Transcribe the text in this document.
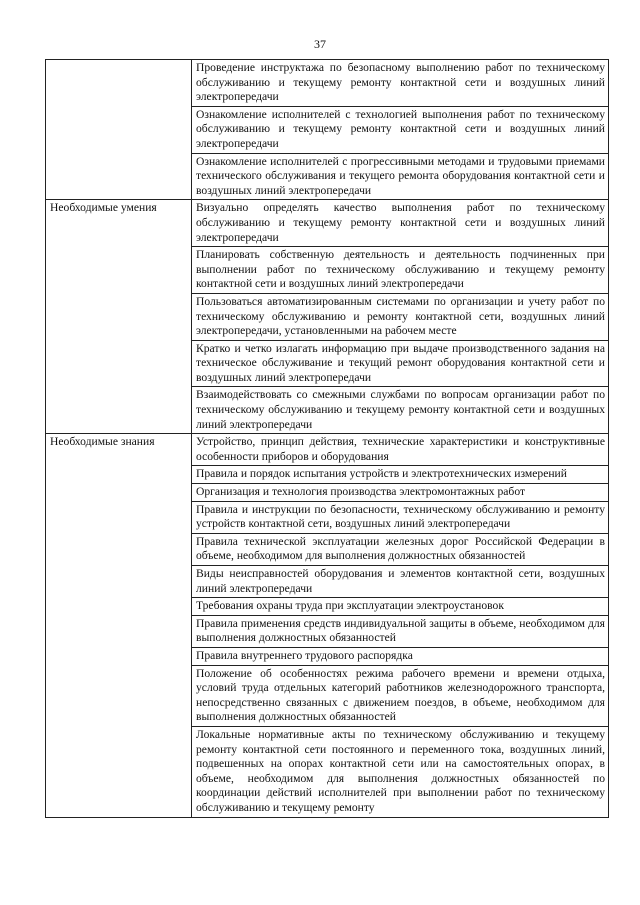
37
	Проведение инструктажа по безопасному выполнению работ по техническому обслуживанию и текущему ремонту контактной сети и воздушных линий электропередачи
	Ознакомление исполнителей с технологией выполнения работ по техническому обслуживанию и текущему ремонту контактной сети и воздушных линий электропередачи
	Ознакомление исполнителей с прогрессивными методами и трудовыми приемами технического обслуживания и текущего ремонта оборудования контактной сети и воздушных линий электропередачи
Необходимые умения	Визуально определять качество выполнения работ по техническому обслуживанию и текущему ремонту контактной сети и воздушных линий электропередачи
	Планировать собственную деятельность и деятельность подчиненных при выполнении работ по техническому обслуживанию и текущему ремонту контактной сети и воздушных линий электропередачи
	Пользоваться автоматизированным системами по организации и учету работ по техническому обслуживанию и ремонту контактной сети, воздушных линий электропередачи, установленными на рабочем месте
	Кратко и четко излагать информацию при выдаче производственного задания на техническое обслуживание и текущий ремонт оборудования контактной сети и воздушных линий электропередачи
	Взаимодействовать со смежными службами по вопросам организации работ по техническому обслуживанию и текущему ремонту контактной сети и воздушных линий электропередачи
Необходимые знания	Устройство, принцип действия, технические характеристики и конструктивные особенности приборов и оборудования
	Правила и порядок испытания устройств и электротехнических измерений
	Организация и технология производства электромонтажных работ
	Правила и инструкции по безопасности, техническому обслуживанию и ремонту устройств контактной сети, воздушных линий электропередачи
	Правила технической эксплуатации железных дорог Российской Федерации в объеме, необходимом для выполнения должностных обязанностей
	Виды неисправностей оборудования и элементов контактной сети, воздушных линий электропередачи
	Требования охраны труда при эксплуатации электроустановок
	Правила применения средств индивидуальной защиты в объеме, необходимом для выполнения должностных обязанностей
	Правила внутреннего трудового распорядка
	Положение об особенностях режима рабочего времени и времени отдыха, условий труда отдельных категорий работников железнодорожного транспорта, непосредственно связанных с движением поездов, в объеме, необходимом для выполнения должностных обязанностей
	Локальные нормативные акты по техническому обслуживанию и текущему ремонту контактной сети постоянного и переменного тока, воздушных линий, подвешенных на опорах контактной сети или на самостоятельных опорах, в объеме, необходимом для выполнения должностных обязанностей по координации действий исполнителей при выполнении работ по техническому обслуживанию и текущему ремонту
